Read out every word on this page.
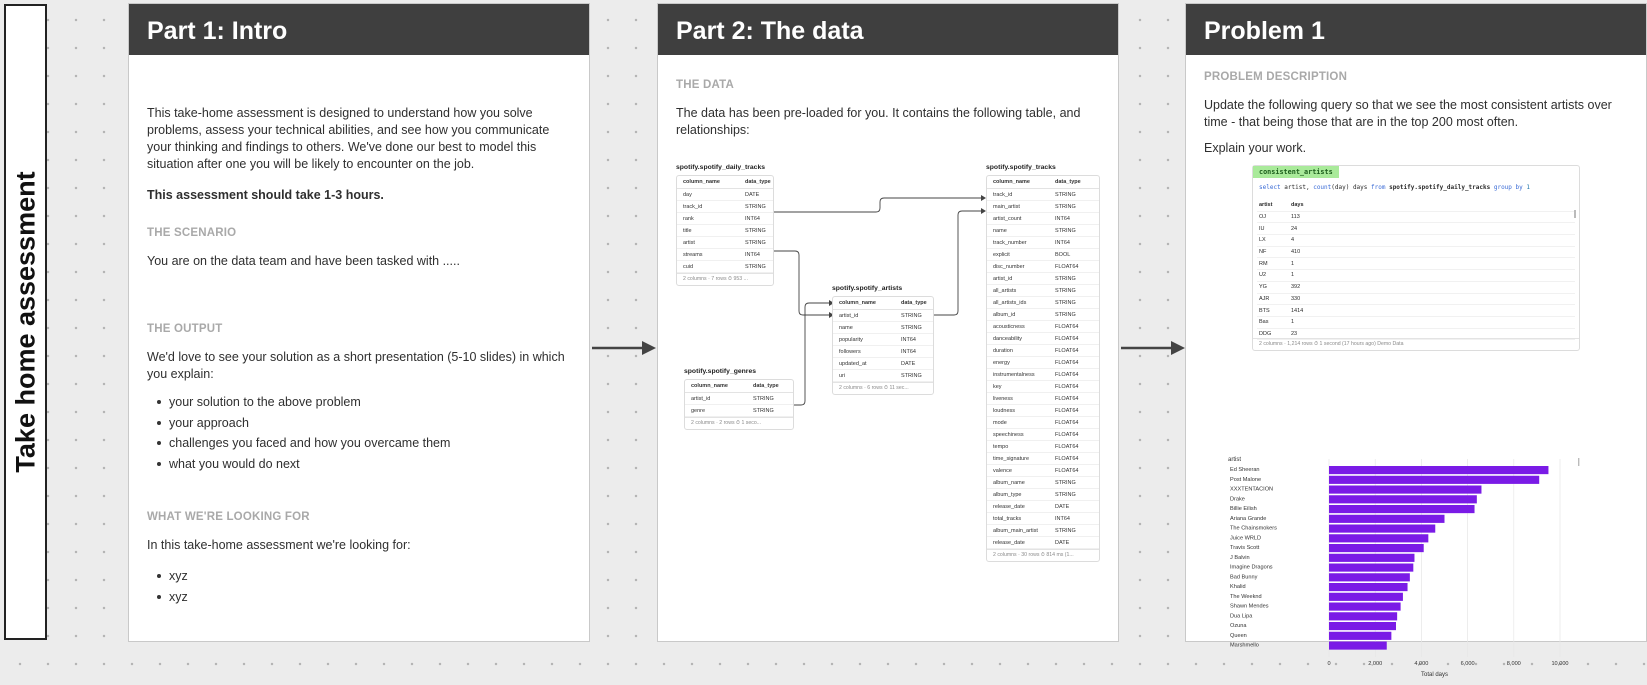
Take home assessment
Part 1: Intro

This take-home assessment is designed to understand how you solve problems, assess your technical abilities, and see how you communicate your thinking and findings to others. We've done our best to model this situation after one you will be likely to encounter on the job.

This assessment should take 1-3 hours.

THE SCENARIO

You are on the data team and have been tasked with .....

THE OUTPUT

We'd love to see your solution as a short presentation (5-10 slides) in which you explain:

your solution to the above problem
your approach
challenges you faced and how you overcame them
what you would do next
WHAT WE'RE LOOKING FOR

In this take-home assessment we're looking for:

xyz
xyz
Part 2: The data
THE DATA

The data has been pre-loaded for you. It contains the following table, and relationships:

spotify.spotify_daily_tracks
column_name	data_type
day	DATE
track_id	STRING
rank	INT64
title	STRING
artist	STRING
streams	INT64
cuid	STRING
2 columns · 7 rows ⏱ 953 ...
spotify.spotify_genres
column_name	data_type
artist_id	STRING
genre	STRING
2 columns · 2 rows ⏱ 1 seco...
spotify.spotify_artists
column_name	data_type
artist_id	STRING
name	STRING
popularity	INT64
followers	INT64
updated_at	DATE
uri	STRING
2 columns · 6 rows ⏱ 11 sec...
spotify.spotify_tracks
column_name	data_type
track_id	STRING
main_artist	STRING
artist_count	INT64
name	STRING
track_number	INT64
explicit	BOOL
disc_number	FLOAT64
artist_id	STRING
all_artists	STRING
all_artists_ids	STRING
album_id	STRING
acousticness	FLOAT64
danceability	FLOAT64
duration	FLOAT64
energy	FLOAT64
instrumentalness	FLOAT64
key	FLOAT64
liveness	FLOAT64
loudness	FLOAT64
mode	FLOAT64
speechiness	FLOAT64
tempo	FLOAT64
time_signature	FLOAT64
valence	FLOAT64
album_name	STRING
album_type	STRING
release_date	DATE
total_tracks	INT64
album_main_artist	STRING
release_date	DATE
2 columns · 30 rows ⏱ 814 ms (1...
Problem 1
PROBLEM DESCRIPTION

Update the following query so that we see the most consistent artists over time - that being those that are in the top 200 most often.

Explain your work.

consistent_artists
select artist, count(day) days from spotify.spotify_daily_tracks group by 1
artist	days
OJ	113
IU	24
LX	4
NF	410
RM	1
U2	1
YG	392
AJR	330
BTS	1414
Bas	1
DDG	23
2 columns · 1,214 rows ⏱ 1 second (17 hours ago) Demo Data
artist
Ed Sheeran
Post Malone
XXXTENTACION
Drake
Billie Eilish
Ariana Grande
The Chainsmokers
Juice WRLD
Travis Scott
J Balvin
Imagine Dragons
Bad Bunny
Khalid
The Weeknd
Shawn Mendes
Dua Lipa
Ozuna
Queen
Marshmello
0	2,000	4,000	6,000	8,000	10,000
Total days
